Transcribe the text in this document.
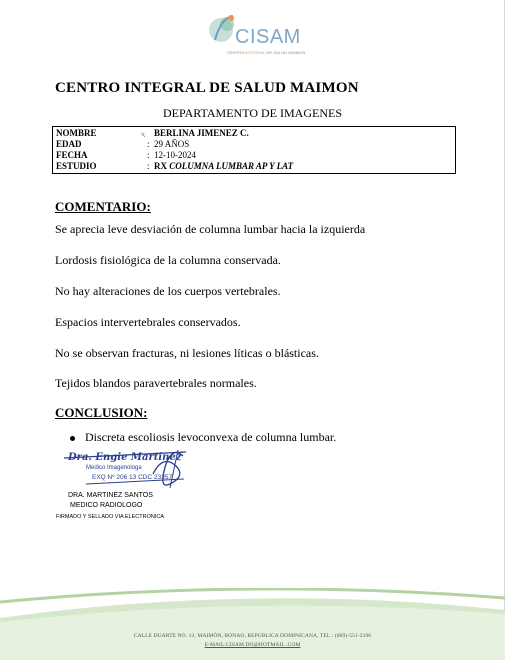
CISAM
CENTROINTEGRAL DE SALUD MAIMON
CENTRO INTEGRAL DE SALUD MAIMON
DEPARTAMENTO DE IMAGENES
NOMBRE	ⲭ BERLINA JIMENEZ C.
EDAD	: 29 AÑOS
FECHA	: 12-10-2024
ESTUDIO	: RX COLUMNA LUMBAR AP Y LAT
COMENTARIO:
Se aprecia leve desviación de columna lumbar hacia la izquierda
Lordosis fisiológica de la columna conservada.
No hay alteraciones de los cuerpos vertebrales.
Espacios intervertebrales conservados.
No se observan fracturas, ni lesiones líticas o blásticas.
Tejidos blandos paravertebrales normales.
CONCLUSION:
Discreta escoliosis levoconvexa de columna lumbar.
Dra. Engie Martinez
Medico Imagenologa
EXQ Nº 206 13 CDC 23357
DRA. MARTINEZ SANTOS
MEDICO RADIOLOGO
FIRMADO Y SELLADO VIA ELECTRONICA
CALLE DUARTE NO. 13, MAIMÓN, BONAO, REPUBLICA DOMINICANA, TEL.: (809)-551-2196
E-MAIL:CISAM.DO@HOTMAIL .COM
